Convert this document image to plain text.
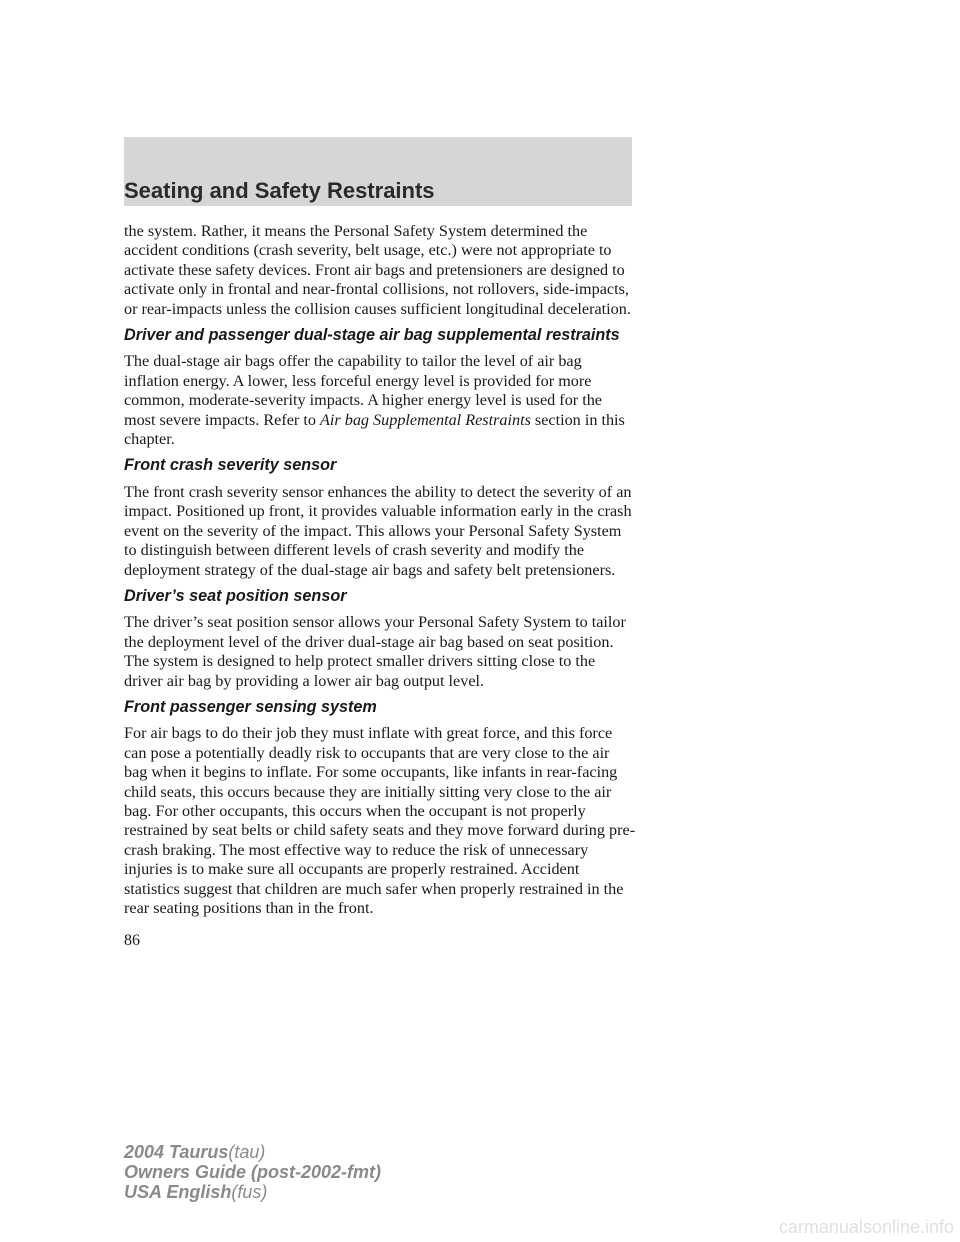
Seating and Safety Restraints

the system. Rather, it means the Personal Safety System determined the accident conditions (crash severity, belt usage, etc.) were not appropriate to activate these safety devices. Front air bags and pretensioners are designed to activate only in frontal and near-frontal collisions, not rollovers, side-impacts, or rear-impacts unless the collision causes sufficient longitudinal deceleration.

Driver and passenger dual-stage air bag supplemental restraints

The dual-stage air bags offer the capability to tailor the level of air bag inflation energy. A lower, less forceful energy level is provided for more common, moderate-severity impacts. A higher energy level is used for the most severe impacts. Refer to Air bag Supplemental Restraints section in this chapter.

Front crash severity sensor

The front crash severity sensor enhances the ability to detect the severity of an impact. Positioned up front, it provides valuable information early in the crash event on the severity of the impact. This allows your Personal Safety System to distinguish between different levels of crash severity and modify the deployment strategy of the dual-stage air bags and safety belt pretensioners.

Driver’s seat position sensor

The driver’s seat position sensor allows your Personal Safety System to tailor the deployment level of the driver dual-stage air bag based on seat position. The system is designed to help protect smaller drivers sitting close to the driver air bag by providing a lower air bag output level.

Front passenger sensing system

For air bags to do their job they must inflate with great force, and this force can pose a potentially deadly risk to occupants that are very close to the air bag when it begins to inflate. For some occupants, like infants in rear-facing child seats, this occurs because they are initially sitting very close to the air bag. For other occupants, this occurs when the occupant is not properly restrained by seat belts or child safety seats and they move forward during pre-crash braking. The most effective way to reduce the risk of unnecessary injuries is to make sure all occupants are properly restrained. Accident statistics suggest that children are much safer when properly restrained in the rear seating positions than in the front.

86
2004 Taurus(tau)
Owners Guide (post-2002-fmt)
USA English(fus)
carmanualsonline.info
